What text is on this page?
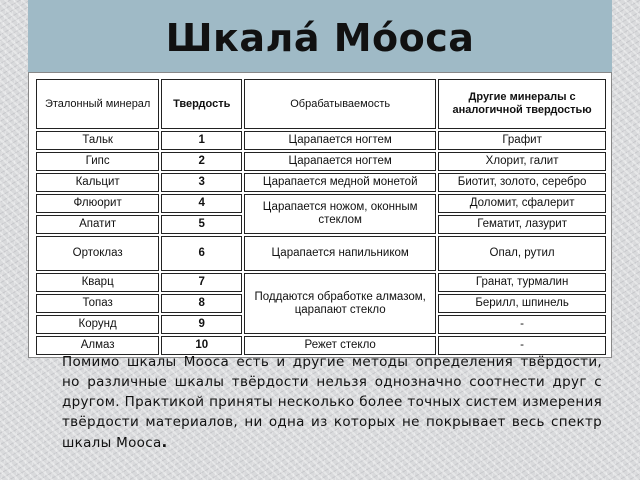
Шкала́ Мо́оса
Эталонный минерал	Твердость	Обрабатываемость	Другие минералы с аналогичной твердостью
Тальк	1	Царапается ногтем	Графит
Гипс	2	Царапается ногтем	Хлорит, галит
Кальцит	3	Царапается медной монетой	Биотит, золото, серебро
Флюорит	4	Царапается ножом, оконным стеклом	Доломит, сфалерит
Апатит	5		Гематит, лазурит
Ортоклаз	6	Царапается напильником	Опал, рутил
Кварц	7	Поддаются обработке алмазом, царапают стекло	Гранат, турмалин
Топаз	8		Берилл, шпинель
Корунд	9		-
Алмаз	10	Режет стекло	-
Помимо шкалы Мооса есть и другие методы определения твёрдости, но различные шкалы твёрдости нельзя однозначно соотнести друг с другом. Практикой приняты несколько более точных систем измерения твёрдости материалов, ни одна из которых не покрывает весь спектр шкалы Мооса.
